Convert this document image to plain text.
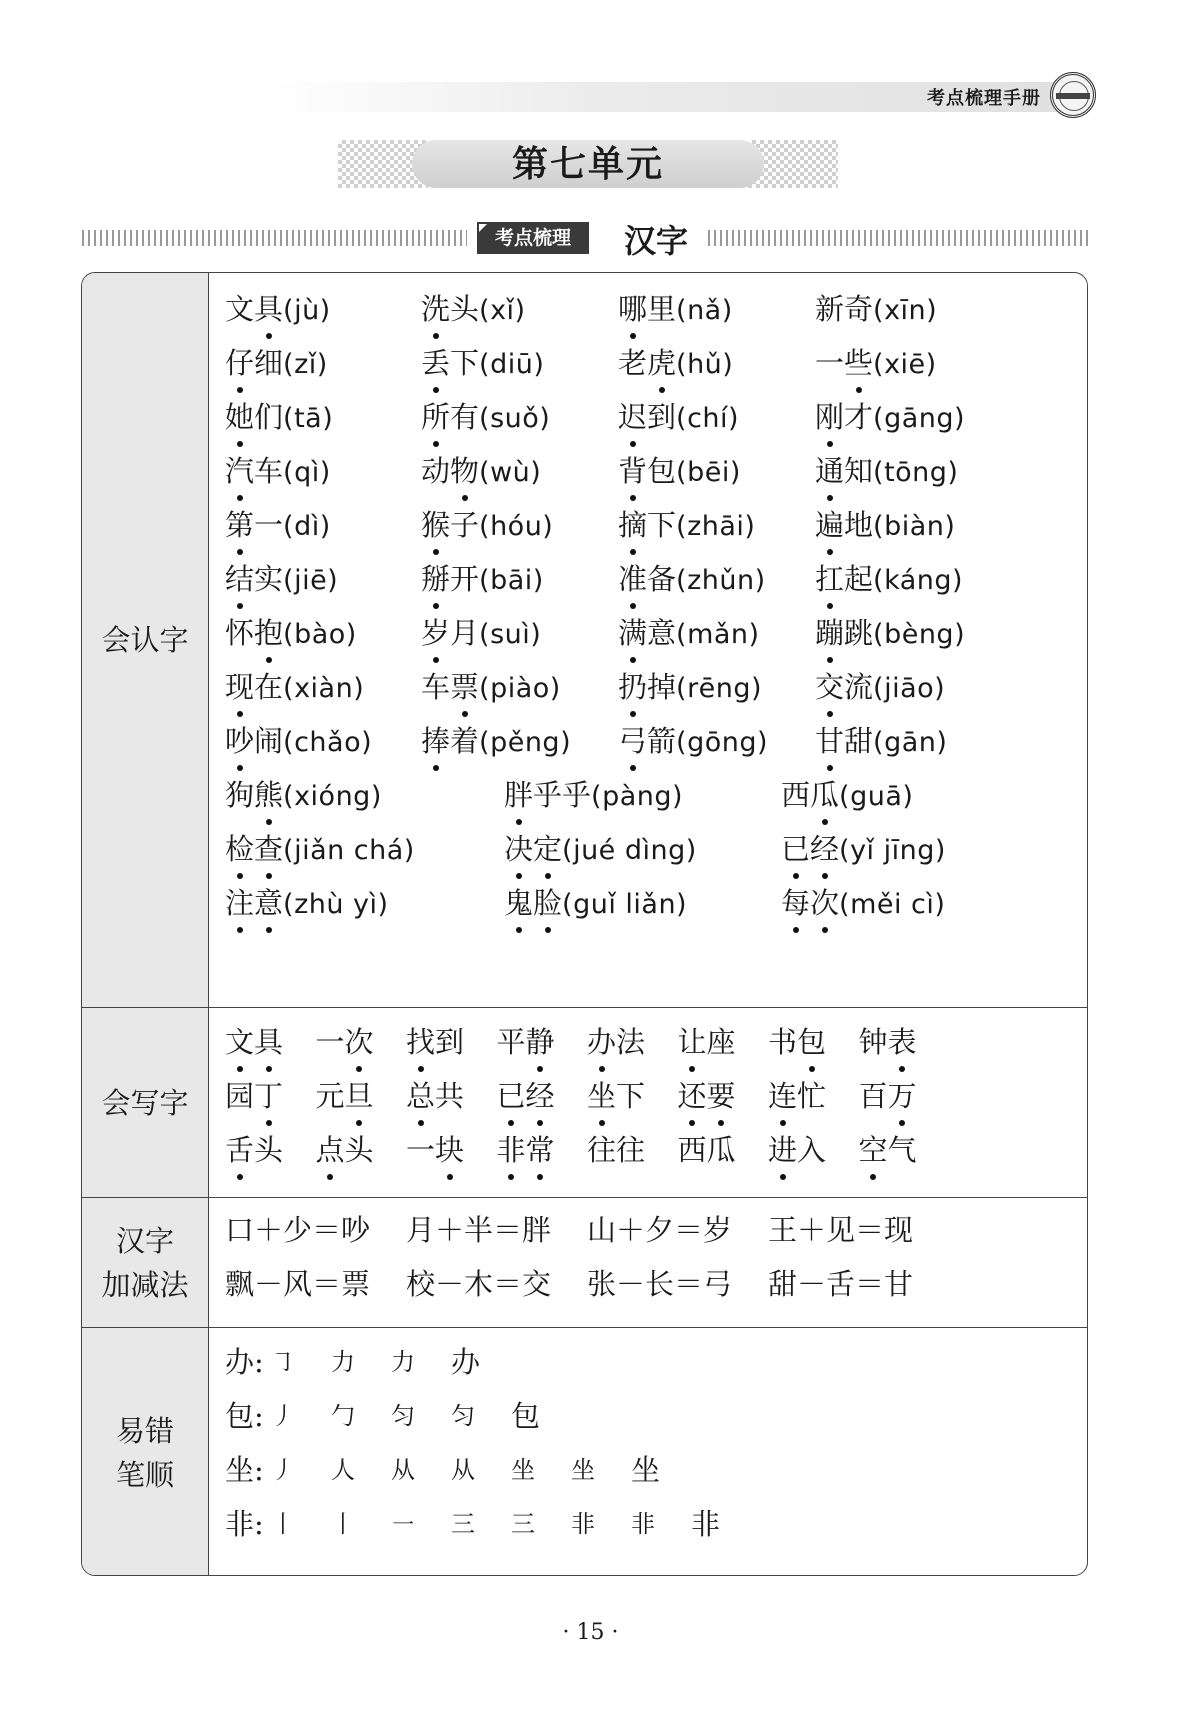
考点梳理手册
第七单元
考点梳理	汉字
会认字
文具(jù)	洗头(xǐ)	哪里(nǎ)	新奇(xīn)
仔细(zǐ)	丢下(diū)	老虎(hǔ)	一些(xiē)
她们(tā)	所有(suǒ) 迟到(chí)	刚才(gāng)
汽车(qì)	动物(wù)	背包(bēi)	通知(tōng)
第一(dì)	猴子(hóu) 摘下(zhāi) 遍地(biàn)
结实(jiē)	掰开(bāi)	准备(zhǔn) 扛起(káng)
怀抱(bào) 岁月(suì)	满意(mǎn) 蹦跳(bèng)
现在(xiàn) 车票(piào) 扔掉(rēng) 交流(jiāo)
吵闹(chǎo) 捧着(pěng) 弓箭(gōng) 甘甜(gān)
狗熊(xióng)	胖乎乎(pàng)	西瓜(guā)
检查(jiǎn chá)	决定(jué dìng)	已经(yǐ jīng)
注意(zhù yì)	鬼脸(guǐ liǎn)	每次(měi cì)
会写字
文具 一次 找到 平静 办法 让座 书包 钟表
园丁 元旦 总共 已经 坐下 还要 连忙 百万
舌头 点头 一块 非常 往往 西瓜 进入 空气
汉字
加减法
口＋少＝吵 月＋半＝胖 山＋夕＝岁 王＋见＝现
飘－风＝票 校－木＝交 张－长＝弓 甜－舌＝甘
易错
笔顺
办: ㇆ 力 力 办
包: 丿 勹 匀 匀 包
坐: 丿 人 从 从 坐 坐 坐
非: 丨 丨 ㇐ 三 三 非 非 非
· 15 ·
